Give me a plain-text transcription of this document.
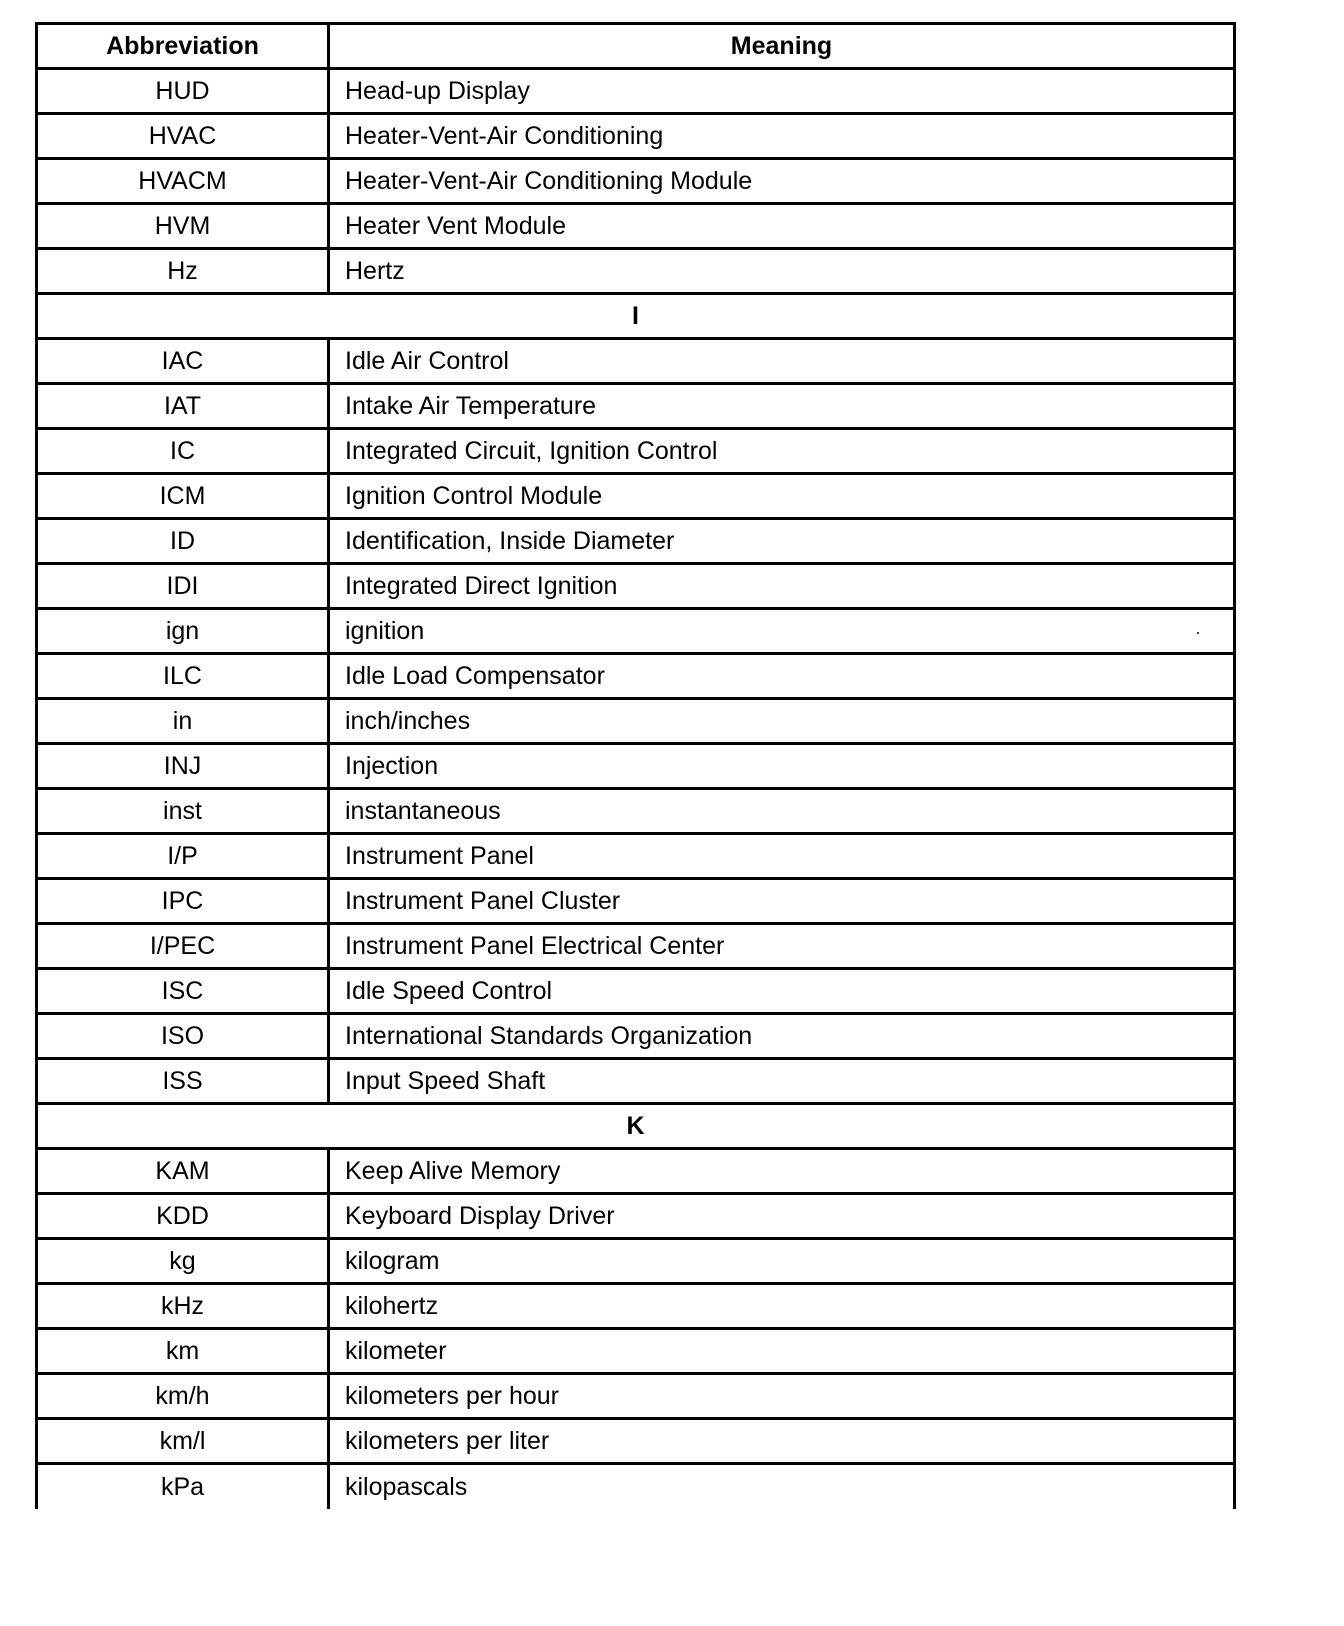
Abbreviation	Meaning
HUD	Head-up Display
HVAC	Heater-Vent-Air Conditioning
HVACM	Heater-Vent-Air Conditioning Module
HVM	Heater Vent Module
Hz	Hertz
I	
IAC	Idle Air Control
IAT	Intake Air Temperature
IC	Integrated Circuit, Ignition Control
ICM	Ignition Control Module
ID	Identification, Inside Diameter
IDI	Integrated Direct Ignition
ign	ignition
ILC	Idle Load Compensator
in	inch/inches
INJ	Injection
inst	instantaneous
I/P	Instrument Panel
IPC	Instrument Panel Cluster
I/PEC	Instrument Panel Electrical Center
ISC	Idle Speed Control
ISO	International Standards Organization
ISS	Input Speed Shaft
K	
KAM	Keep Alive Memory
KDD	Keyboard Display Driver
kg	kilogram
kHz	kilohertz
km	kilometer
km/h	kilometers per hour
km/l	kilometers per liter
kPa	kilopascals
